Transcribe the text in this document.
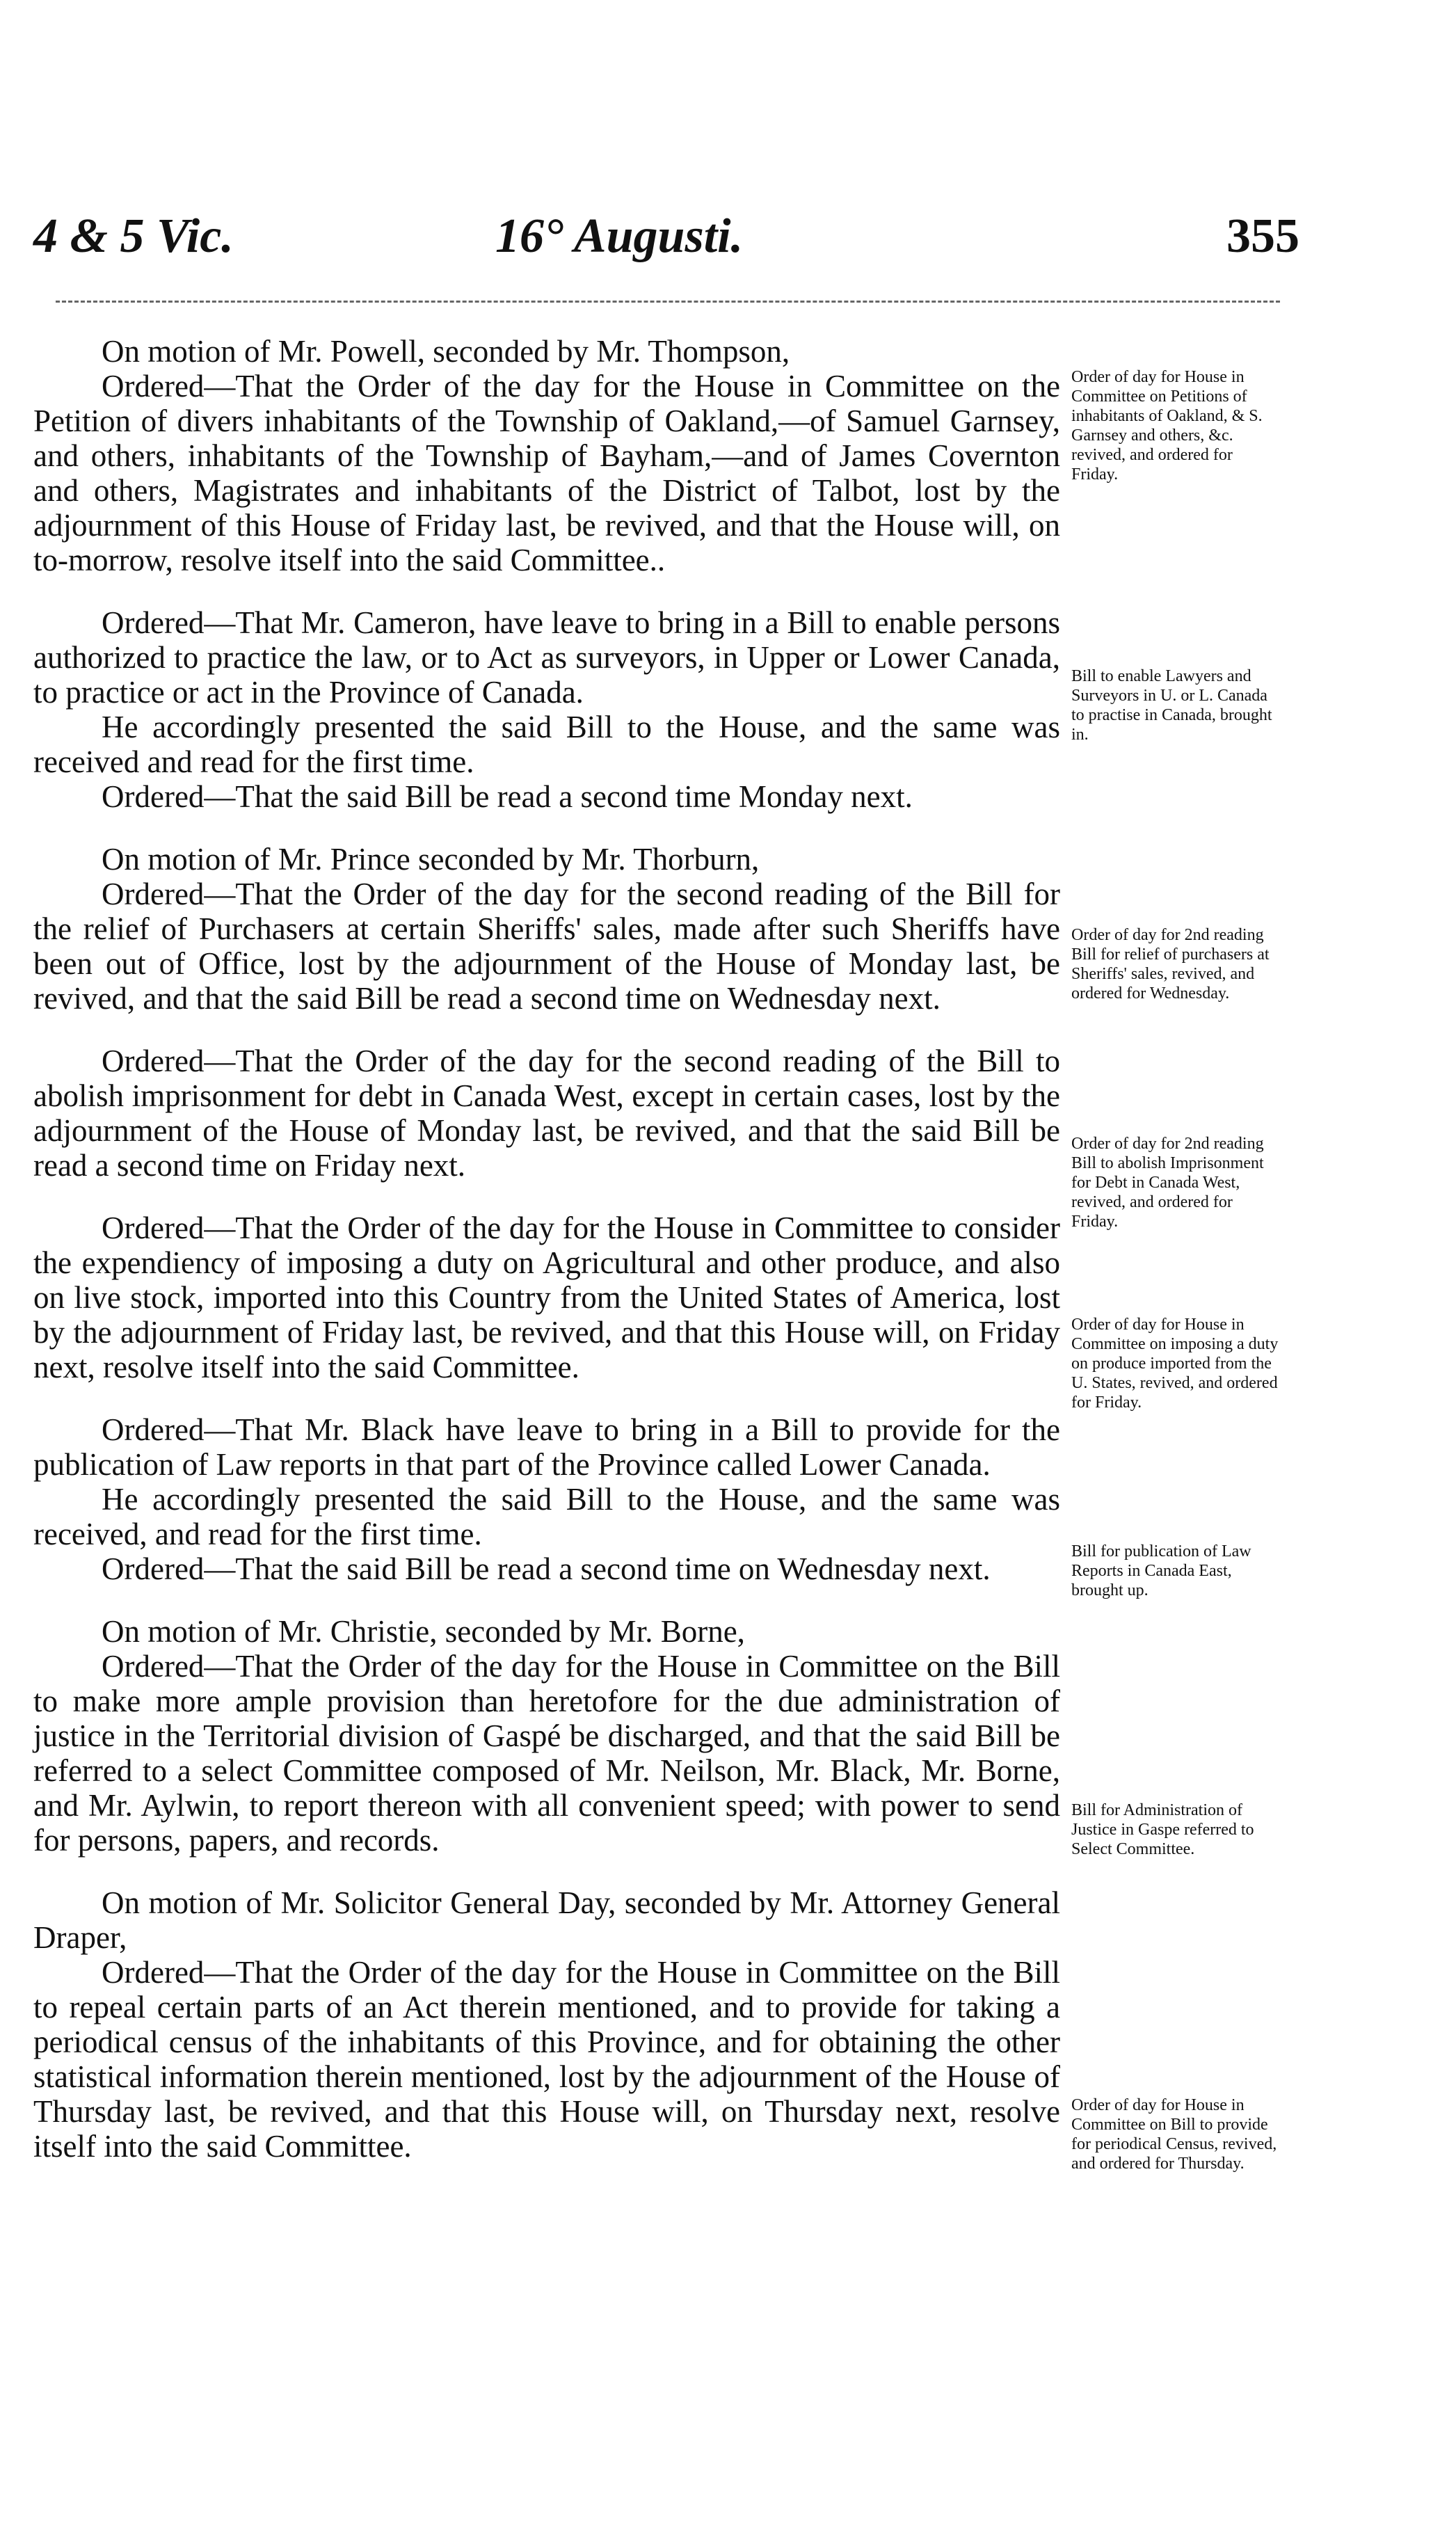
4 & 5 Vic.	16° Augusti.	355

On motion of Mr. Powell, seconded by Mr. Thompson,

Ordered—That the Order of the day for the House in Committee on the Petition of divers inhabitants of the Township of Oakland,—of Samuel Garnsey, and others, inhabitants of the Township of Bayham,—and of James Covernton and others, Magistrates and inhabitants of the District of Talbot, lost by the adjournment of this House of Friday last, be revived, and that the House will, on to-morrow, resolve itself into the said Committee..

Ordered—That Mr. Cameron, have leave to bring in a Bill to enable persons authorized to practice the law, or to Act as surveyors, in Upper or Lower Canada, to practice or act in the Province of Canada.

He accordingly presented the said Bill to the House, and the same was received and read for the first time.

Ordered—That the said Bill be read a second time Monday next.

On motion of Mr. Prince seconded by Mr. Thorburn,

Ordered—That the Order of the day for the second reading of the Bill for the relief of Purchasers at certain Sheriffs' sales, made after such Sheriffs have been out of Office, lost by the adjournment of the House of Monday last, be revived, and that the said Bill be read a second time on Wednesday next.

Ordered—That the Order of the day for the second reading of the Bill to abolish imprisonment for debt in Canada West, except in certain cases, lost by the adjournment of the House of Monday last, be revived, and that the said Bill be read a second time on Friday next.

Ordered—That the Order of the day for the House in Committee to consider the expendiency of imposing a duty on Agricultural and other produce, and also on live stock, imported into this Country from the United States of America, lost by the adjournment of Friday last, be revived, and that this House will, on Friday next, resolve itself into the said Committee.

Ordered—That Mr. Black have leave to bring in a Bill to provide for the publication of Law reports in that part of the Province called Lower Canada.

He accordingly presented the said Bill to the House, and the same was received, and read for the first time.

Ordered—That the said Bill be read a second time on Wednesday next.

On motion of Mr. Christie, seconded by Mr. Borne,

Ordered—That the Order of the day for the House in Committee on the Bill to make more ample provision than heretofore for the due administration of justice in the Territorial division of Gaspé be discharged, and that the said Bill be referred to a select Committee composed of Mr. Neilson, Mr. Black, Mr. Borne, and Mr. Aylwin, to report thereon with all convenient speed; with power to send for persons, papers, and records.

On motion of Mr. Solicitor General Day, seconded by Mr. Attorney General Draper,

Ordered—That the Order of the day for the House in Committee on the Bill to repeal certain parts of an Act therein mentioned, and to provide for taking a periodical census of the inhabitants of this Province, and for obtaining the other statistical information therein mentioned, lost by the adjournment of the House of Thursday last, be revived, and that this House will, on Thursday next, resolve itself into the said Committee.

Order of day for House in Committee on Petitions of inhabitants of Oakland, & S. Garnsey and others, &c. revived, and ordered for Friday.
Bill to enable Lawyers and Surveyors in U. or L. Canada to practise in Canada, brought in.
Order of day for 2nd reading Bill for relief of purchasers at Sheriffs' sales, revived, and ordered for Wednesday.
Order of day for 2nd reading Bill to abolish Imprisonment for Debt in Canada West, revived, and ordered for Friday.
Order of day for House in Committee on imposing a duty on produce imported from the U. States, revived, and ordered for Friday.
Bill for publication of Law Reports in Canada East, brought up.
Bill for Administration of Justice in Gaspe referred to Select Committee.
Order of day for House in Committee on Bill to provide for periodical Census, revived, and ordered for Thursday.
